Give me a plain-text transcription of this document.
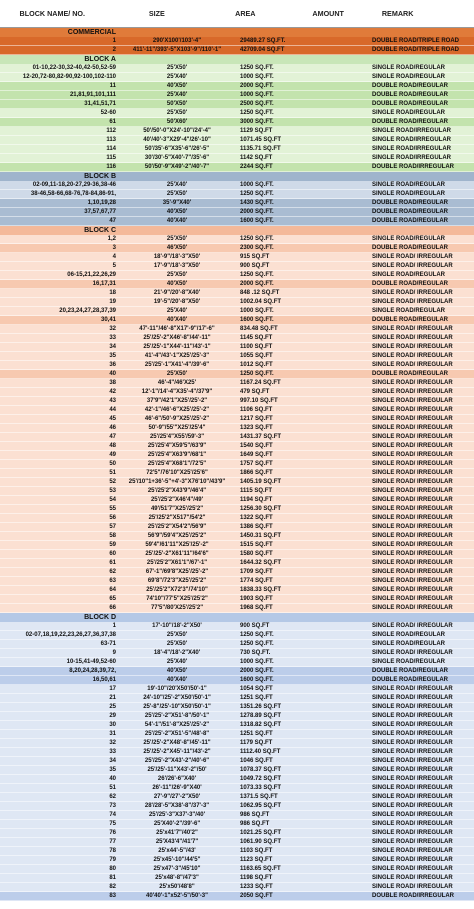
BLOCK NAME/ NO.	SIZE	AREA	AMOUNT	REMARK
COMMERCIAL
1	290'X100'/103'-4"	29489.27 SQ.FT.	DOUBLE ROAD/TRIPLE ROAD
2	411'-11"/393'-5"X103'-9"/110'-1"	42709.04 SQ.FT	DOUBLE ROAD/TRIPLE ROAD
BLOCK A
01-10,22-30,32-40,42-50,52-59	25'X50'	1250 SQ.FT.	SINGLE ROAD/REGULAR
12-20,72-80,82-90,92-100,102-110	25'X40'	1000 SQ.FT.	SINGLE ROAD/REGULAR
11	40'X50'	2000 SQ.FT.	DOUBLE ROAD/REGULAR
21,81,91,101,111	25'X40'	1000 SQ.FT.	DOUBLE ROAD/REGULAR
31,41,51,71	50'X50'	2500 SQ.FT.	DOUBLE ROAD/REGULAR
52-60	25'X50'	1250 SQ.FT.	SINGLE ROAD/REGULAR
61	50'X60'	3000 SQ.FT.	DOUBLE ROAD/REGULAR
112	50'/50'-0"X24'-10"/24'-4"	1129 SQ.FT	SINGLE ROAD/IRREGULAR
113	40'/40'-3"X29'-4"/26'-10"	1071.45 SQ.FT	SINGLE ROAD/IRREGULAR
114	50'/35'-6"X35'-6"/26'-5"	1135.71 SQ.FT	SINGLE ROAD/IRREGULAR
115	30'/30'-5"X40'-7"/35'-6"	1142 SQ.FT	SINGLE ROAD/IRREGULAR
116	50'/50'-9"X49'-2"/40'-7"	2244 SQ.FT	DOUBLE ROAD/IRREGULAR
BLOCK B
02-09,11-18,20-27,29-36,38-46	25'X40'	1000 SQ.FT.	SINGLE ROAD/REGULAR
38-46,58-66,68-76,78-84,86-91,	25'X50'	1250 SQ.FT.	SINGLE ROAD/REGULAR
1,10,19,28	35'-9"X40'	1430 SQ.FT.	DOUBLE ROAD/REGULAR
37,57,67,77	40'X50'	2000 SQ.FT.	DOUBLE ROAD/REGULAR
47	40'X40'	1600 SQ.FT.	DOUBLE ROAD/REGULAR
BLOCK C
1,2	25'X50'	1250 SQ.FT.	SINGLE ROAD/REGULAR
3	46'X50'	2300 SQ.FT.	DOUBLE ROAD/REGULAR
4	18'-9"/18'-3"X50'	915 SQ.FT	SINGLE ROAD/ IRREGULAR
5	17'-9"/18'-3"X50'	900 SQ.FT	SINGLE ROAD/ IRREGULAR
06-15,21,22,26,29	25'X50'	1250 SQ.FT.	SINGLE ROAD/REGULAR
16,17,31	40'X50'	2000 SQ.FT.	DOUBLE ROAD/REGULAR
18	21'-9"/20'-8"X40'	848 .12 SQ.FT	SINGLE ROAD/ IRREGULAR
19	19'-5"/20'-8"X50'	1002.04 SQ.FT	SINGLE ROAD/ IRREGULAR
20,23,24,27,28,37,39	25'X40'	1000 SQ.FT.	SINGLE ROAD/REGULAR
30,41	40'X40'	1600 SQ.FT.	DOUBLE ROAD/REGULAR
32	47'-11"/46'-8"X17'-9"/17'-6"	834.48 SQ.FT	SINGLE ROAD/ IRREGULAR
33	25'/25'-2"X46'-8"/44'-11"	1145 SQ.FT	SINGLE ROAD/ IRREGULAR
34	25'/25'-1"X44'-11"/43'-1"	1100 SQ.FT	SINGLE ROAD/ IRREGULAR
35	41'-4"/43'-1"X25'/25'-3"	1055 SQ.FT	SINGLE ROAD/ IRREGULAR
36	25'/25'-1"X41'-4"/39'-6"	1012 SQ.FT	SINGLE ROAD/ IRREGULAR
40	25'X50'	1250 SQ.FT.	DOUBLE ROAD/REGULAR
38	46'-4"/46'X25'	1167.24 SQ.FT	SINGLE ROAD/ IRREGULAR
42	12'-1"/14'-4"X35'-4"/37'9"	479 SQ.FT	SINGLE ROAD/ IRREGULAR
43	37'9"/42'1"X25'/25'-2"	997.10 SQ.FT	SINGLE ROAD/ IRREGULAR
44	42'-1"/46'-6"X25'/25'-2"	1106 SQ.FT	SINGLE ROAD/ IRREGULAR
45	46'-6"/50'-9"X25'/25'-2"	1217 SQ.FT	SINGLE ROAD/ IRREGULAR
46	50'-9"/55'"X25'/25'4"	1323 SQ.FT	SINGLE ROAD/ IRREGULAR
47	25'/25'4"X55'/59'-3"	1431.37 SQ.FT	SINGLE ROAD/ IRREGULAR
48	25'/25'4"X59'5"/63'9"	1540 SQ.FT	SINGLE ROAD/ IRREGULAR
49	25'/25'4"X63'9"/68'1"	1649 SQ.FT	SINGLE ROAD/ IRREGULAR
50	25'/25'4"X68'1"/72'5"	1757 SQ.FT	SINGLE ROAD/ IRREGULAR
51	72'5"/76'10"X25'/25'6"	1866 SQ.FT	SINGLE ROAD/ IRREGULAR
52	25'/10"1+36'-5"+4'-3"X76'10"/43'9"	1405.19 SQ.FT	SINGLE ROAD/ IRREGULAR
53	25'/25'2"X43'9"/46'4"	1115 SQ.FT	SINGLE ROAD/ IRREGULAR
54	25'/25'2"X46'4"/49'	1194 SQ.FT	SINGLE ROAD/ IRREGULAR
55	49'/51'7"X25'/25'2"	1256.30 SQ.FT	SINGLE ROAD/ IRREGULAR
56	25'/25'2"X517"/54'2"	1322 SQ.FT	SINGLE ROAD/ IRREGULAR
57	25'/25'2"X54'2"/56'9"	1386 SQ.FT	SINGLE ROAD/ IRREGULAR
58	56'9"/59'4"X25'/25'2"	1450.31 SQ.FT	SINGLE ROAD/ IRREGULAR
59	59'4"/61'11"X25'/25'-2"	1515 SQ.FT	SINGLE ROAD/ IRREGULAR
60	25'/25'-2"X61'11"/64'6"	1580 SQ.FT	SINGLE ROAD/ IRREGULAR
61	25'/25'2"X61'1"/67'-1"	1644.32 SQ.FT	SINGLE ROAD/ IRREGULAR
62	67'-1"/69'8"X25'/25'-2"	1709 SQ.FT	SINGLE ROAD/ IRREGULAR
63	69'8"/72'3"X25'/25'2"	1774 SQ.FT	SINGLE ROAD/ IRREGULAR
64	25'/25'2"X72'3"/74'10"	1838.33 SQ.FT	SINGLE ROAD/ IRREGULAR
65	74'10"/77'5"X25'/25'2"	1903 SQ.FT	SINGLE ROAD/ IRREGULAR
66	77'5"/80'X25'/25'2"	1968 SQ.FT	SINGLE ROAD/ IRREGULAR
BLOCK D
1	17'-10"/18'-2"X50'	900 SQ.FT	SINGLE ROAD/ IRREGULAR
02-07,18,19,22,23,26,27,36,37,38	25'X50'	1250 SQ.FT.	SINGLE ROAD/REGULAR
63-71	25'X50'	1250 SQ.FT.	SINGLE ROAD/REGULAR
9	18'-4"/18'-2"X40'	730 SQ.FT.	SINGLE ROAD/ IRREGULAR
10-15,41-49,52-60	25'X40'	1000 SQ.FT.	SINGLE ROAD/REGULAR
8,20,24,28,39,72,	40'X50'	2000 SQ.FT.	DOUBLE ROAD/REGULAR
16,50,61	40'X40'	1600 SQ.FT.	DOUBLE ROAD/REGULAR
17	19'-10"/20'X50'/50'-1"	1054 SQ.FT	SINGLE ROAD/ IRREGULAR
21	24'-10"/25'-2"X50'/50'-1"	1251 SQ.FT	SINGLE ROAD/ IRREGULAR
25	25'-8"/25'-10"X50'/50'-1"	1351.26 SQ.FT	SINGLE ROAD/ IRREGULAR
29	25'/25'-2"X51'-8"/50'-1"	1278.89 SQ.FT	SINGLE ROAD/ IRREGULAR
30	54'-1"/51'-8"X25'/25'-2"	1318.82 SQ.FT	SINGLE ROAD/ IRREGULAR
31	25'/25'-2"X51'-5"/48'-8"	1251 SQ.FT	SINGLE ROAD/ IRREGULAR
32	25'/25'-2"X48'-8"/45'-11"	1179 SQ.FT	SINGLE ROAD/ IRREGULAR
33	25'/25'-2"X45'-11"/43'-2"	1112.40 SQ.FT	SINGLE ROAD/ IRREGULAR
34	25'/25'-2"X43'-2"/40'-6"	1046 SQ.FT	SINGLE ROAD/ IRREGULAR
35	25'/25'-11"X43'-2"/50'	1078.37 SQ.FT	SINGLE ROAD/ IRREGULAR
40	26'/26'-6"X40'	1049.72 SQ.FT	SINGLE ROAD/ IRREGULAR
51	26'-11"/26'-9"X40'	1073.33 SQ.FT	SINGLE ROAD/ IRREGULAR
62	27'-9"/27'-2"X50'	1371.5 SQ.FT	SINGLE ROAD/ IRREGULAR
73	28'/28'-5"X38'-8"/37'-3"	1062.95 SQ.FT	SINGLE ROAD/ IRREGULAR
74	25'/25'-3"X37'-3"/40'	986 SQ.FT	SINGLE ROAD/ IRREGULAR
75	25'X40'-2"/39'-6"	986 SQ.FT	SINGLE ROAD/ IRREGULAR
76	25'x41'7"/40'2"	1021.25 SQ.FT	SINGLE ROAD/ IRREGULAR
77	25'X43'4"/41'7"	1061.90 SQ.FT	SINGLE ROAD/ IRREGULAR
78	25'x44'-5"/43'	1103 SQ.FT	SINGLE ROAD/ IRREGULAR
79	25'x45'-10"/44'5"	1123 SQ.FT	SINGLE ROAD/ IRREGULAR
80	25'x47'-3"/45'10"	1163.65 SQ.FT	SINGLE ROAD/ IRREGULAR
81	25'x48'-8"/47'3"	1198 SQ.FT	SINGLE ROAD/ IRREGULAR
82	25'x50'/48'8"	1233 SQ.FT	SINGLE ROAD/ IRREGULAR
83	40'40'-1"x52'-5"/50'-3"	2050 SQ.FT	DOUBLE ROAD/IRREGULAR
